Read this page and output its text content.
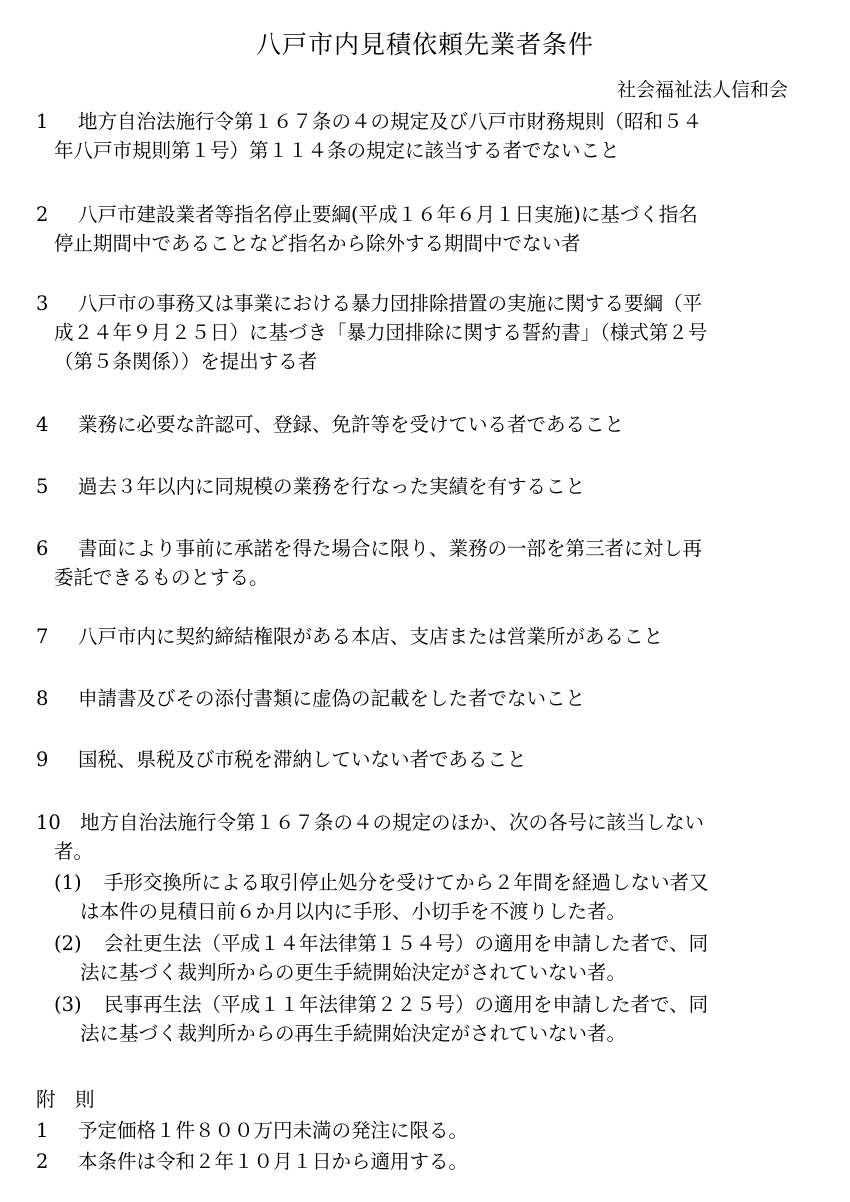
八戸市内見積依頼先業者条件

社会福祉法人信和会

1 地方自治法施行令第１６７条の４の規定及び八戸市財務規則（昭和５４
年八戸市規則第１号）第１１４条の規定に該当する者でないこと
2 八戸市建設業者等指名停止要綱(平成１６年６月１日実施)に基づく指名
停止期間中であることなど指名から除外する期間中でない者
3 八戸市の事務又は事業における暴力団排除措置の実施に関する要綱（平
成２４年９月２５日）に基づき「暴力団排除に関する誓約書」（様式第２号
（第５条関係））を提出する者
4 業務に必要な許認可、登録、免許等を受けている者であること
5 過去３年以内に同規模の業務を行なった実績を有すること
6 書面により事前に承諾を得た場合に限り、業務の一部を第三者に対し再
委託できるものとする。
7 八戸市内に契約締結権限がある本店、支店または営業所があること
8 申請書及びその添付書類に虚偽の記載をした者でないこと
9 国税、県税及び市税を滞納していない者であること
10 地方自治法施行令第１６７条の４の規定のほか、次の各号に該当しない
者。
(1) 手形交換所による取引停止処分を受けてから２年間を経過しない者又
は本件の見積日前６か月以内に手形、小切手を不渡りした者。
(2) 会社更生法（平成１４年法律第１５４号）の適用を申請した者で、同
法に基づく裁判所からの更生手続開始決定がされていない者。
(3) 民事再生法（平成１１年法律第２２５号）の適用を申請した者で、同
法に基づく裁判所からの再生手続開始決定がされていない者。

附　則

1 予定価格１件８００万円未満の発注に限る。
2 本条件は令和２年１０月１日から適用する。
